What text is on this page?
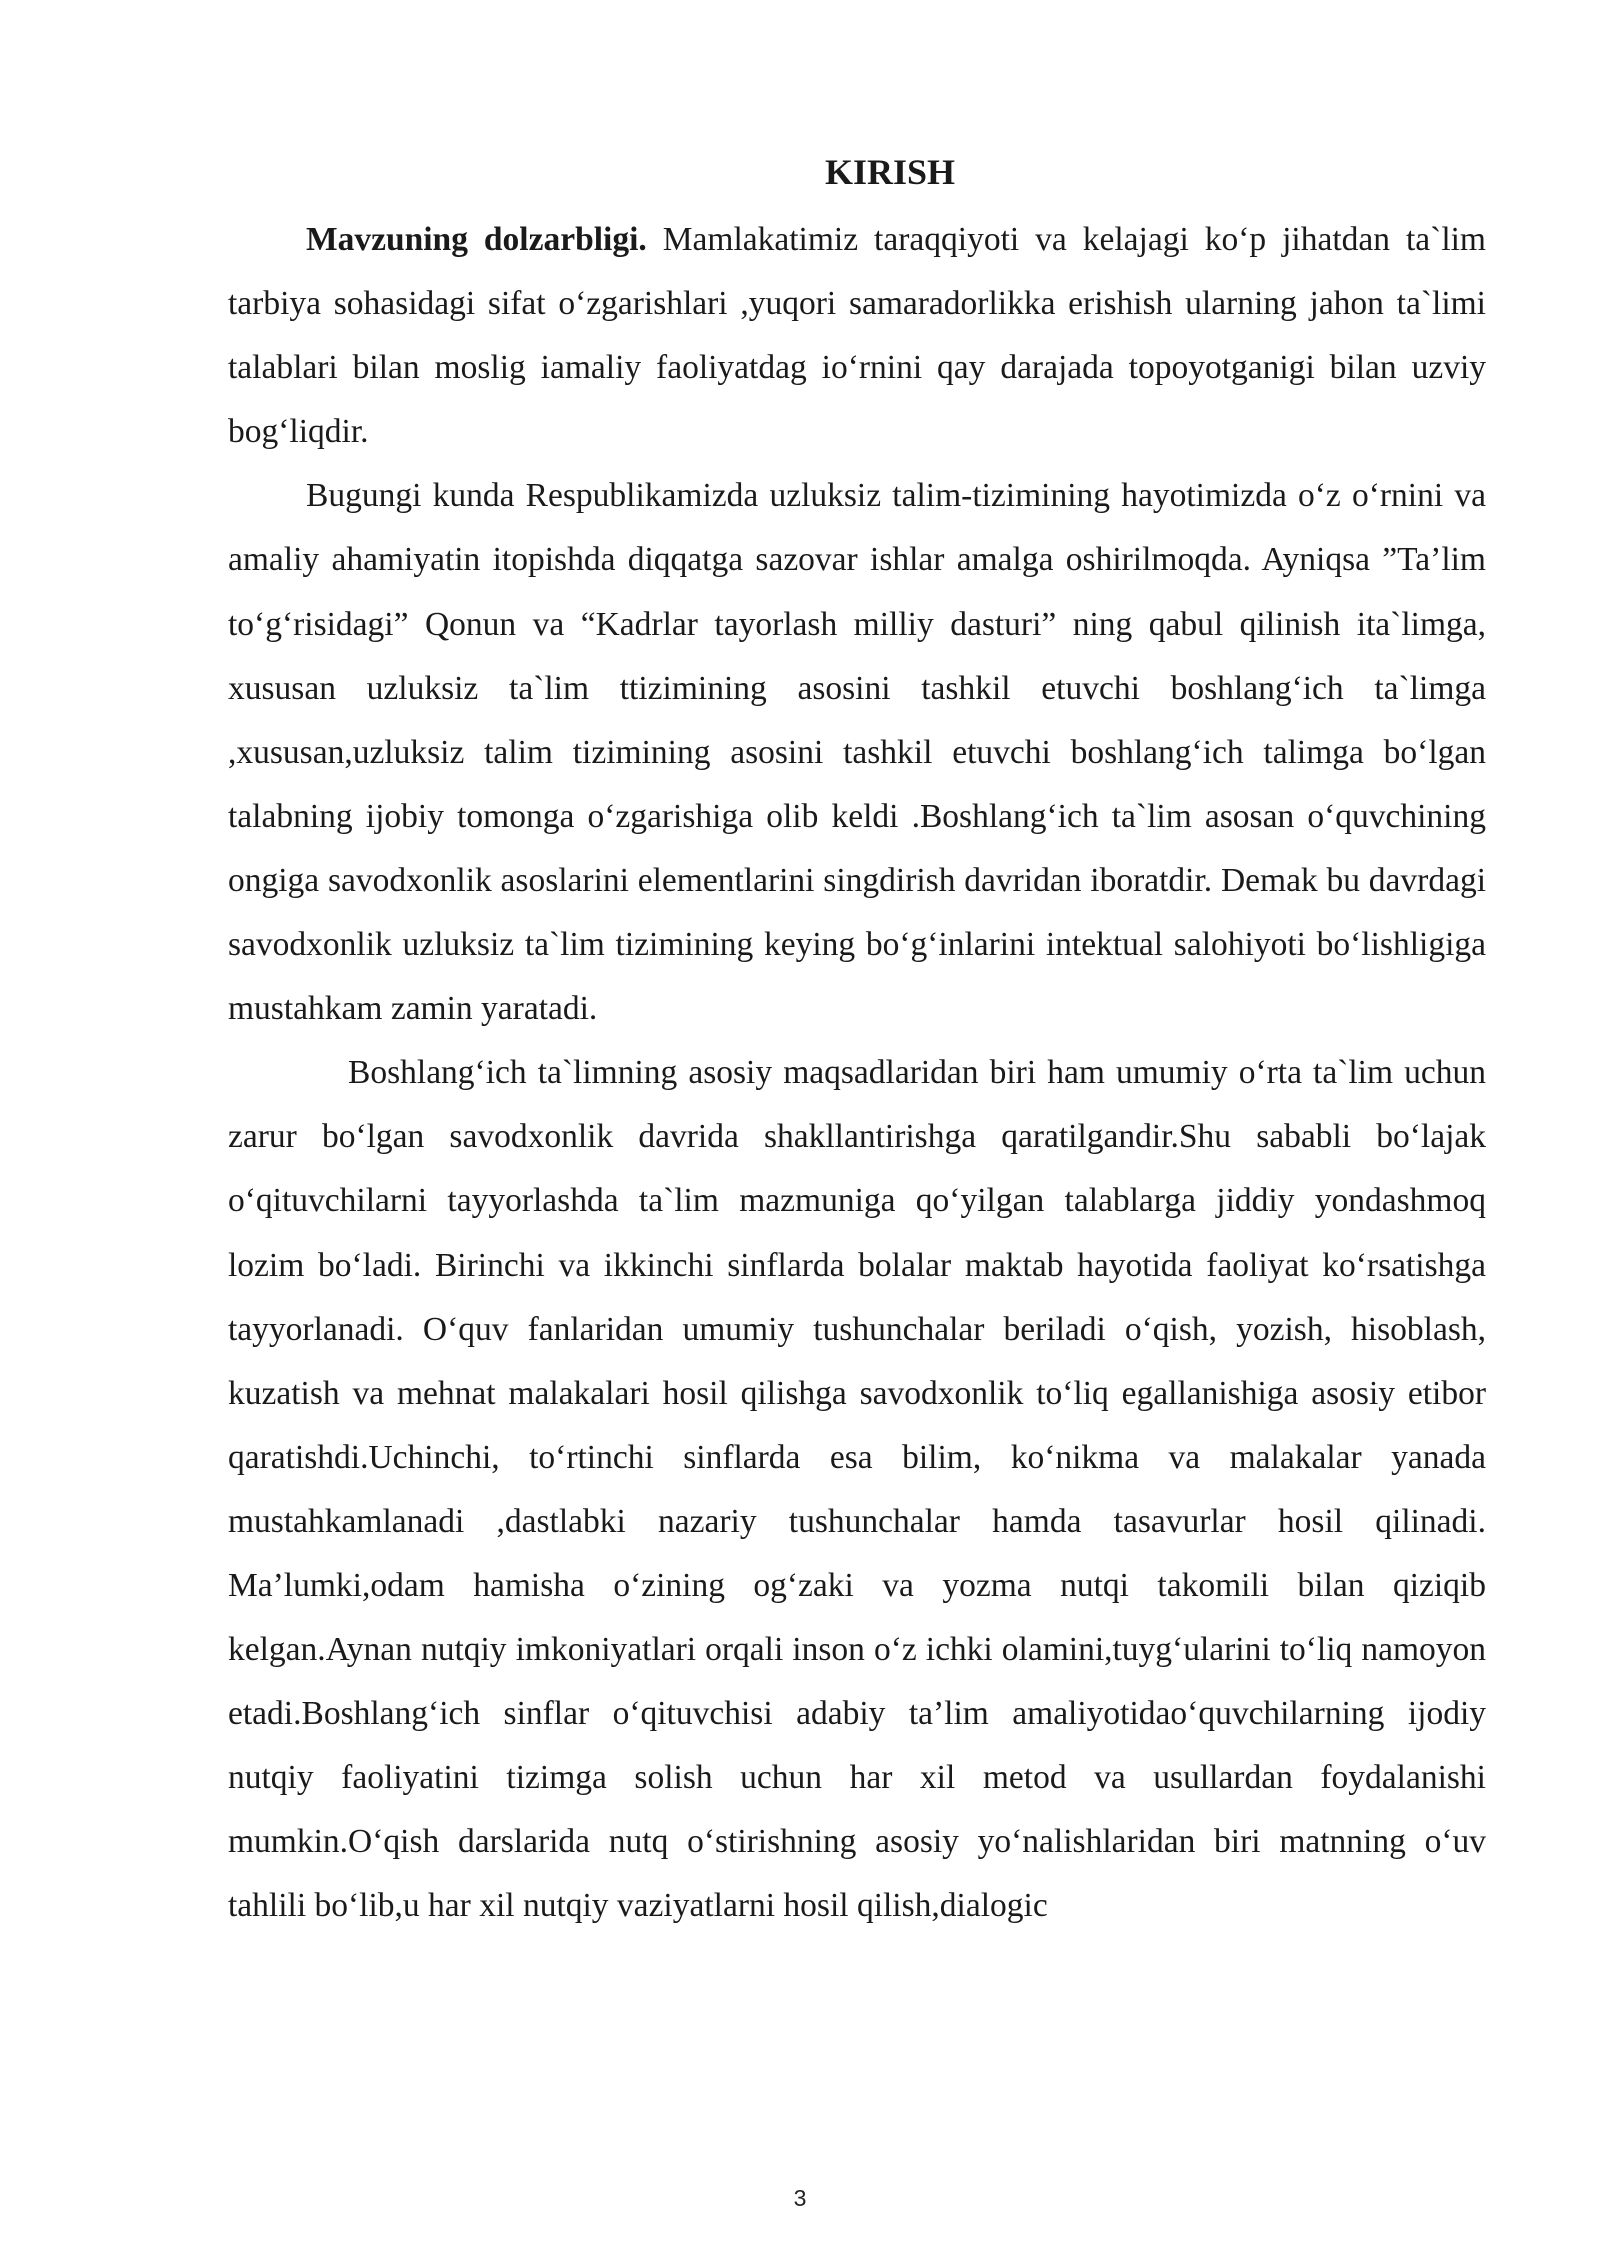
KIRISH

Mavzuning dolzarbligi. Mamlakatimiz taraqqiyoti va kelajagi ko‘p jihatdan ta`lim tarbiya sohasidagi sifat o‘zgarishlari ,yuqori samaradorlikka erishish ularning jahon ta`limi talablari bilan moslig iamaliy faoliyatdag io‘rnini qay darajada topoyotganigi bilan uzviy bog‘liqdir.

Bugungi kunda Respublikamizda uzluksiz talim-tizimining hayotimizda o‘z o‘rnini va amaliy ahamiyatin itopishda diqqatga sazovar ishlar amalga oshirilmoqda. Ayniqsa ”Ta’lim to‘g‘risidagi” Qonun va “Kadrlar tayorlash milliy dasturi” ning qabul qilinish ita`limga, xususan uzluksiz ta`lim ttizimining asosini tashkil etuvchi boshlang‘ich ta`limga ,xususan,uzluksiz talim tizimining asosini tashkil etuvchi boshlang‘ich talimga bo‘lgan talabning ijobiy tomonga o‘zgarishiga olib keldi .Boshlang‘ich ta`lim asosan o‘quvchining ongiga savodxonlik asoslarini elementlarini singdirish davridan iboratdir. Demak bu davrdagi savodxonlik uzluksiz ta`lim tizimining keying bo‘g‘inlarini intektual salohiyoti bo‘lishligiga mustahkam zamin yaratadi.

Boshlang‘ich ta`limning asosiy maqsadlaridan biri ham umumiy o‘rta ta`lim uchun zarur bo‘lgan savodxonlik davrida shakllantirishga qaratilgandir.Shu sababli bo‘lajak o‘qituvchilarni tayyorlashda ta`lim mazmuniga qo‘yilgan talablarga jiddiy yondashmoq lozim bo‘ladi. Birinchi va ikkinchi sinflarda bolalar maktab hayotida faoliyat ko‘rsatishga tayyorlanadi. O‘quv fanlaridan umumiy tushunchalar beriladi o‘qish, yozish, hisoblash, kuzatish va mehnat malakalari hosil qilishga savodxonlik to‘liq egallanishiga asosiy etibor qaratishdi.Uchinchi, to‘rtinchi sinflarda esa bilim, ko‘nikma va malakalar yanada mustahkamlanadi ,dastlabki nazariy tushunchalar hamda tasavurlar hosil qilinadi. Ma’lumki,odam hamisha o‘zining og‘zaki va yozma nutqi takomili bilan qiziqib kelgan.Aynan nutqiy imkoniyatlari orqali inson o‘z ichki olamini,tuyg‘ularini to‘liq namoyon etadi.Boshlang‘ich sinflar o‘qituvchisi adabiy ta’lim amaliyotidao‘quvchilarning ijodiy nutqiy faoliyatini tizimga solish uchun har xil metod va usullardan foydalanishi mumkin.O‘qish darslarida nutq o‘stirishning asosiy yo‘nalishlaridan biri matnning o‘uv tahlili bo‘lib,u har xil nutqiy vaziyatlarni hosil qilish,dialogic

3
